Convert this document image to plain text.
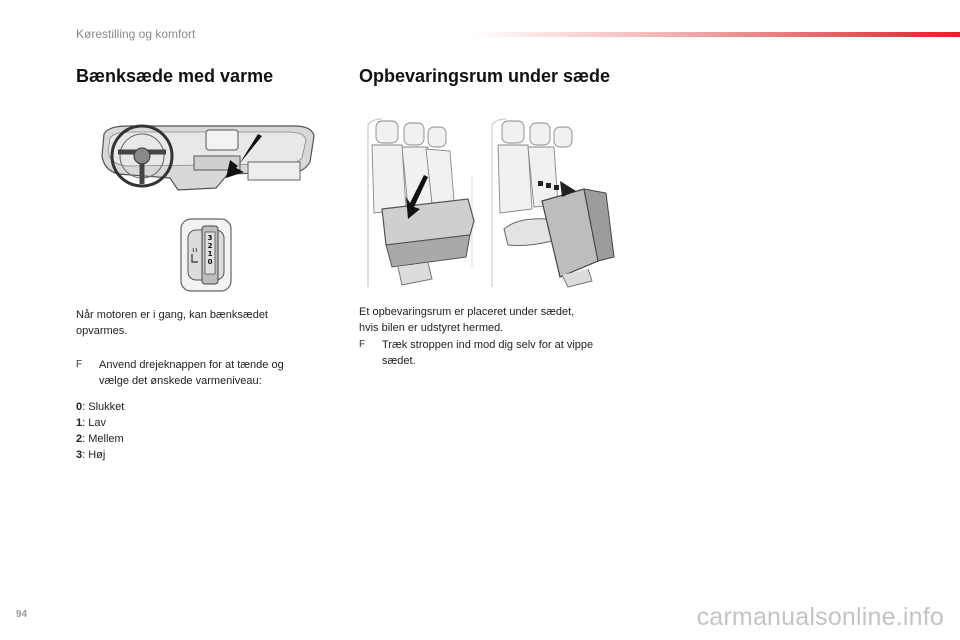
Kørestilling og komfort
Bænksæde med varme	Opbevaringsrum under sæde
3
2
1
0
Når motoren er i gang, kan bænksædet
opvarmes.
F	Anvend drejeknappen for at tænde og
vælge det ønskede varmeniveau:
0: Slukket
1: Lav
2: Mellem
3: Høj
Et opbevaringsrum er placeret under sædet,
hvis bilen er udstyret hermed.
F	Træk stroppen ind mod dig selv for at vippe
sædet.
94	carmanualsonline.info
